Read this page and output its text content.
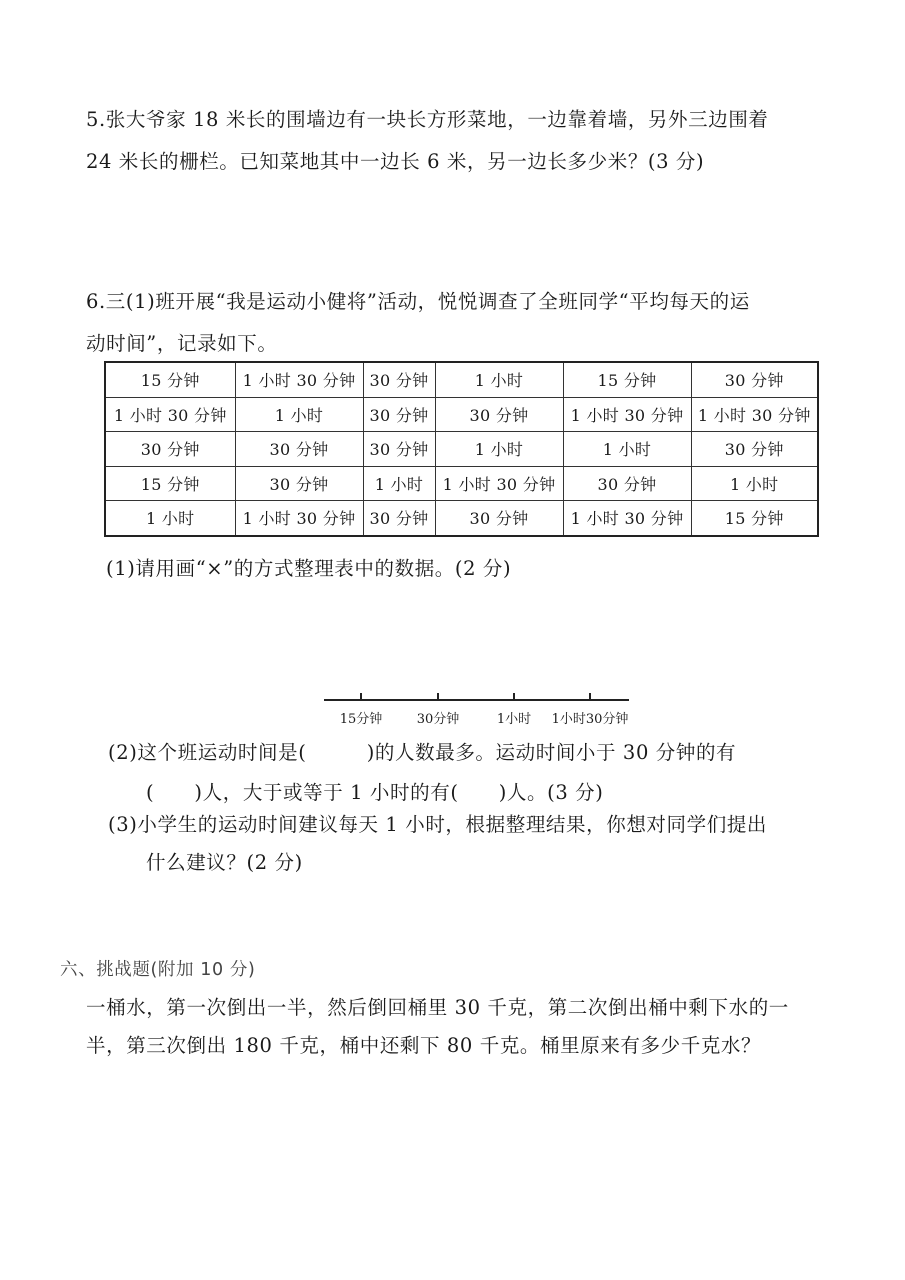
5.张大爷家 18 米长的围墙边有一块长方形菜地，一边靠着墙，另外三边围着
24 米长的栅栏。已知菜地其中一边长 6 米，另一边长多少米？(3 分)
6.三(1)班开展“我是运动小健将”活动，悦悦调查了全班同学“平均每天的运
动时间”，记录如下。
15 分钟	1 小时 30 分钟	30 分钟	1 小时	15 分钟	30 分钟
1 小时 30 分钟	1 小时	30 分钟	30 分钟	1 小时 30 分钟	1 小时 30 分钟
30 分钟	30 分钟	30 分钟	1 小时	1 小时	30 分钟
15 分钟	30 分钟	1 小时	1 小时 30 分钟	30 分钟	1 小时
1 小时	1 小时 30 分钟	30 分钟	30 分钟	1 小时 30 分钟	15 分钟
(1)请用画“×”的方式整理表中的数据。(2 分)
15分钟	30分钟	1小时 1小时30分钟
(2)这个班运动时间是(　　　)的人数最多。运动时间小于 30 分钟的有
(　　)人，大于或等于 1 小时的有(　　)人。(3 分)
(3)小学生的运动时间建议每天 1 小时，根据整理结果，你想对同学们提出
什么建议？(2 分)
六、挑战题(附加 10 分)
一桶水，第一次倒出一半，然后倒回桶里 30 千克，第二次倒出桶中剩下水的一
半，第三次倒出 180 千克，桶中还剩下 80 千克。桶里原来有多少千克水？
